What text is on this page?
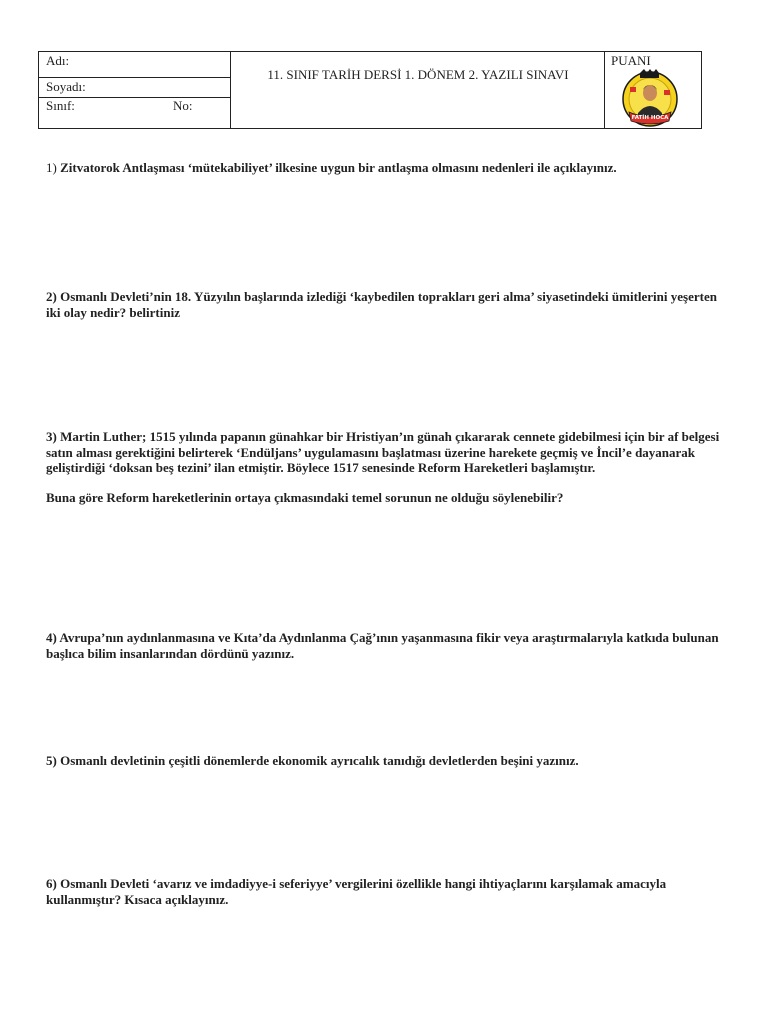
Adı:
Soyadı:
Sınıf:	No:
11. SINIF TARİH DERSİ 1. DÖNEM 2. YAZILI SINAVI
PUANI
FATİH HOCA

1) Zitvatorok Antlaşması ‘mütekabiliyet’ ilkesine uygun bir antlaşma olmasını nedenleri ile açıklayınız.

2) Osmanlı Devleti’nin 18. Yüzyılın başlarında izlediği ‘kaybedilen toprakları geri alma’ siyasetindeki ümitlerini yeşerten iki olay nedir? belirtiniz

3) Martin Luther; 1515 yılında papanın günahkar bir Hristiyan’ın günah çıkararak cennete gidebilmesi için bir af belgesi satın alması gerektiğini belirterek ‘Endüljans’ uygulamasını başlatması üzerine harekete geçmiş ve İncil’e dayanarak geliştirdiği ‘doksan beş tezini’ ilan etmiştir. Böylece 1517 senesinde Reform Hareketleri başlamıştır.

Buna göre Reform hareketlerinin ortaya çıkmasındaki temel sorunun ne olduğu söylenebilir?

4) Avrupa’nın aydınlanmasına ve Kıta’da Aydınlanma Çağ’ının yaşanmasına fikir veya araştırmalarıyla katkıda bulunan başlıca bilim insanlarından dördünü yazınız.

5) Osmanlı devletinin çeşitli dönemlerde ekonomik ayrıcalık tanıdığı devletlerden beşini yazınız.

6) Osmanlı Devleti ‘avarız ve imdadiyye-i seferiyye’ vergilerini özellikle hangi ihtiyaçlarını karşılamak amacıyla kullanmıştır? Kısaca açıklayınız.
